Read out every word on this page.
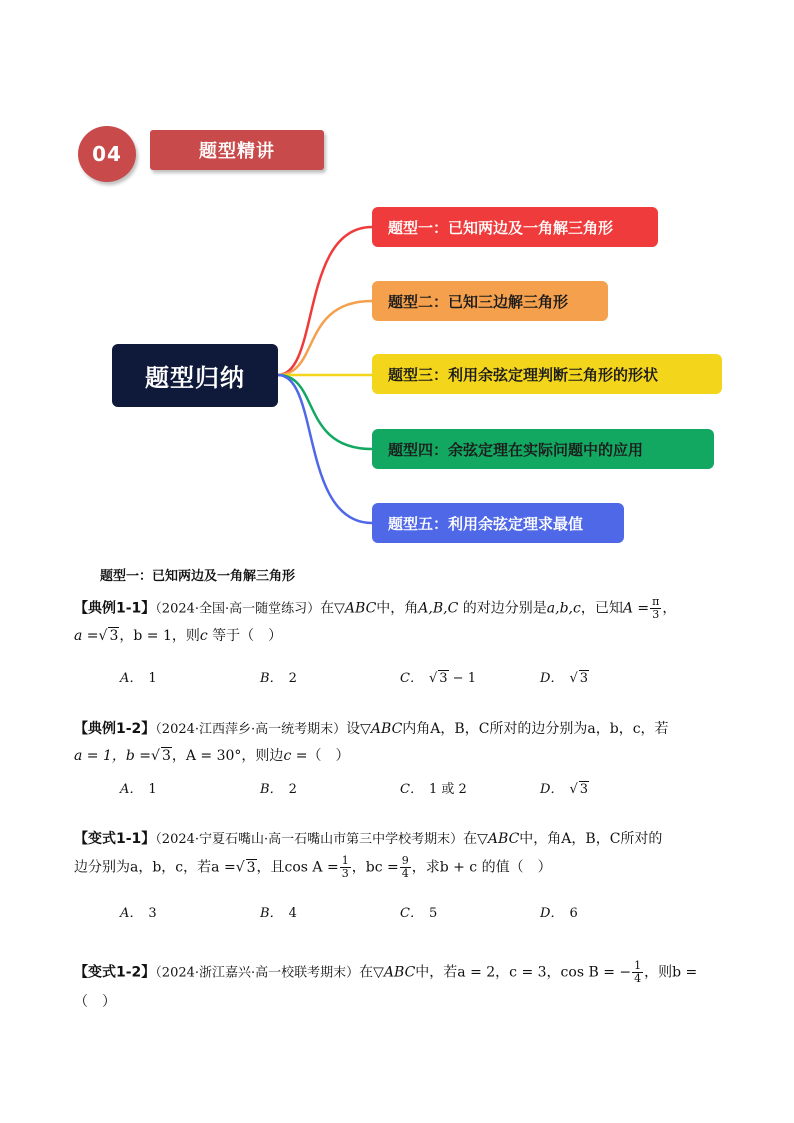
04	题型精讲
题型归纳
题型一：已知两边及一角解三角形
题型二：已知三边解三角形
题型三：利用余弦定理判断三角形的形状
题型四：余弦定理在实际问题中的应用
题型五：利用余弦定理求最值
题型一：已知两边及一角解三角形
【典例1-1】（2024·全国·高一随堂练习）在▽ABC中，角A,B,C 的对边分别是a,b,c，已知$A = \frac{\pi}{3}$ ，
a =√ 3，b = 1，则c 等于（　）
A． 1	B． 2	C． √ 3 − 1	D． √ 3
【典例1-2】（2024·江西萍乡·高一统考期末）设▽ABC内角A，B，C所对的边分别为a，b，c，若
a = 1，b =√ 3，A = 30°，则边c =（　）
A． 1	B． 2	C． 1 或 2	D． √ 3
【变式1-1】（2024·宁夏石嘴山·高一石嘴山市第三中学校考期末）在▽ABC中，角A，B，C所对的
边分别为a，b，c，若a =√ 3，且$\cos A = \frac{1}{3}$ ，bc = $\frac{9}{4}$ ，求b + c 的值（　）
A． 3	B． 4	C． 5	D． 6
【变式1-2】（2024·浙江嘉兴·高一校联考期末）在▽ABC中，若a = 2，c = 3，cos B = − $\frac{1}{4}$ ，则b =
（　）
